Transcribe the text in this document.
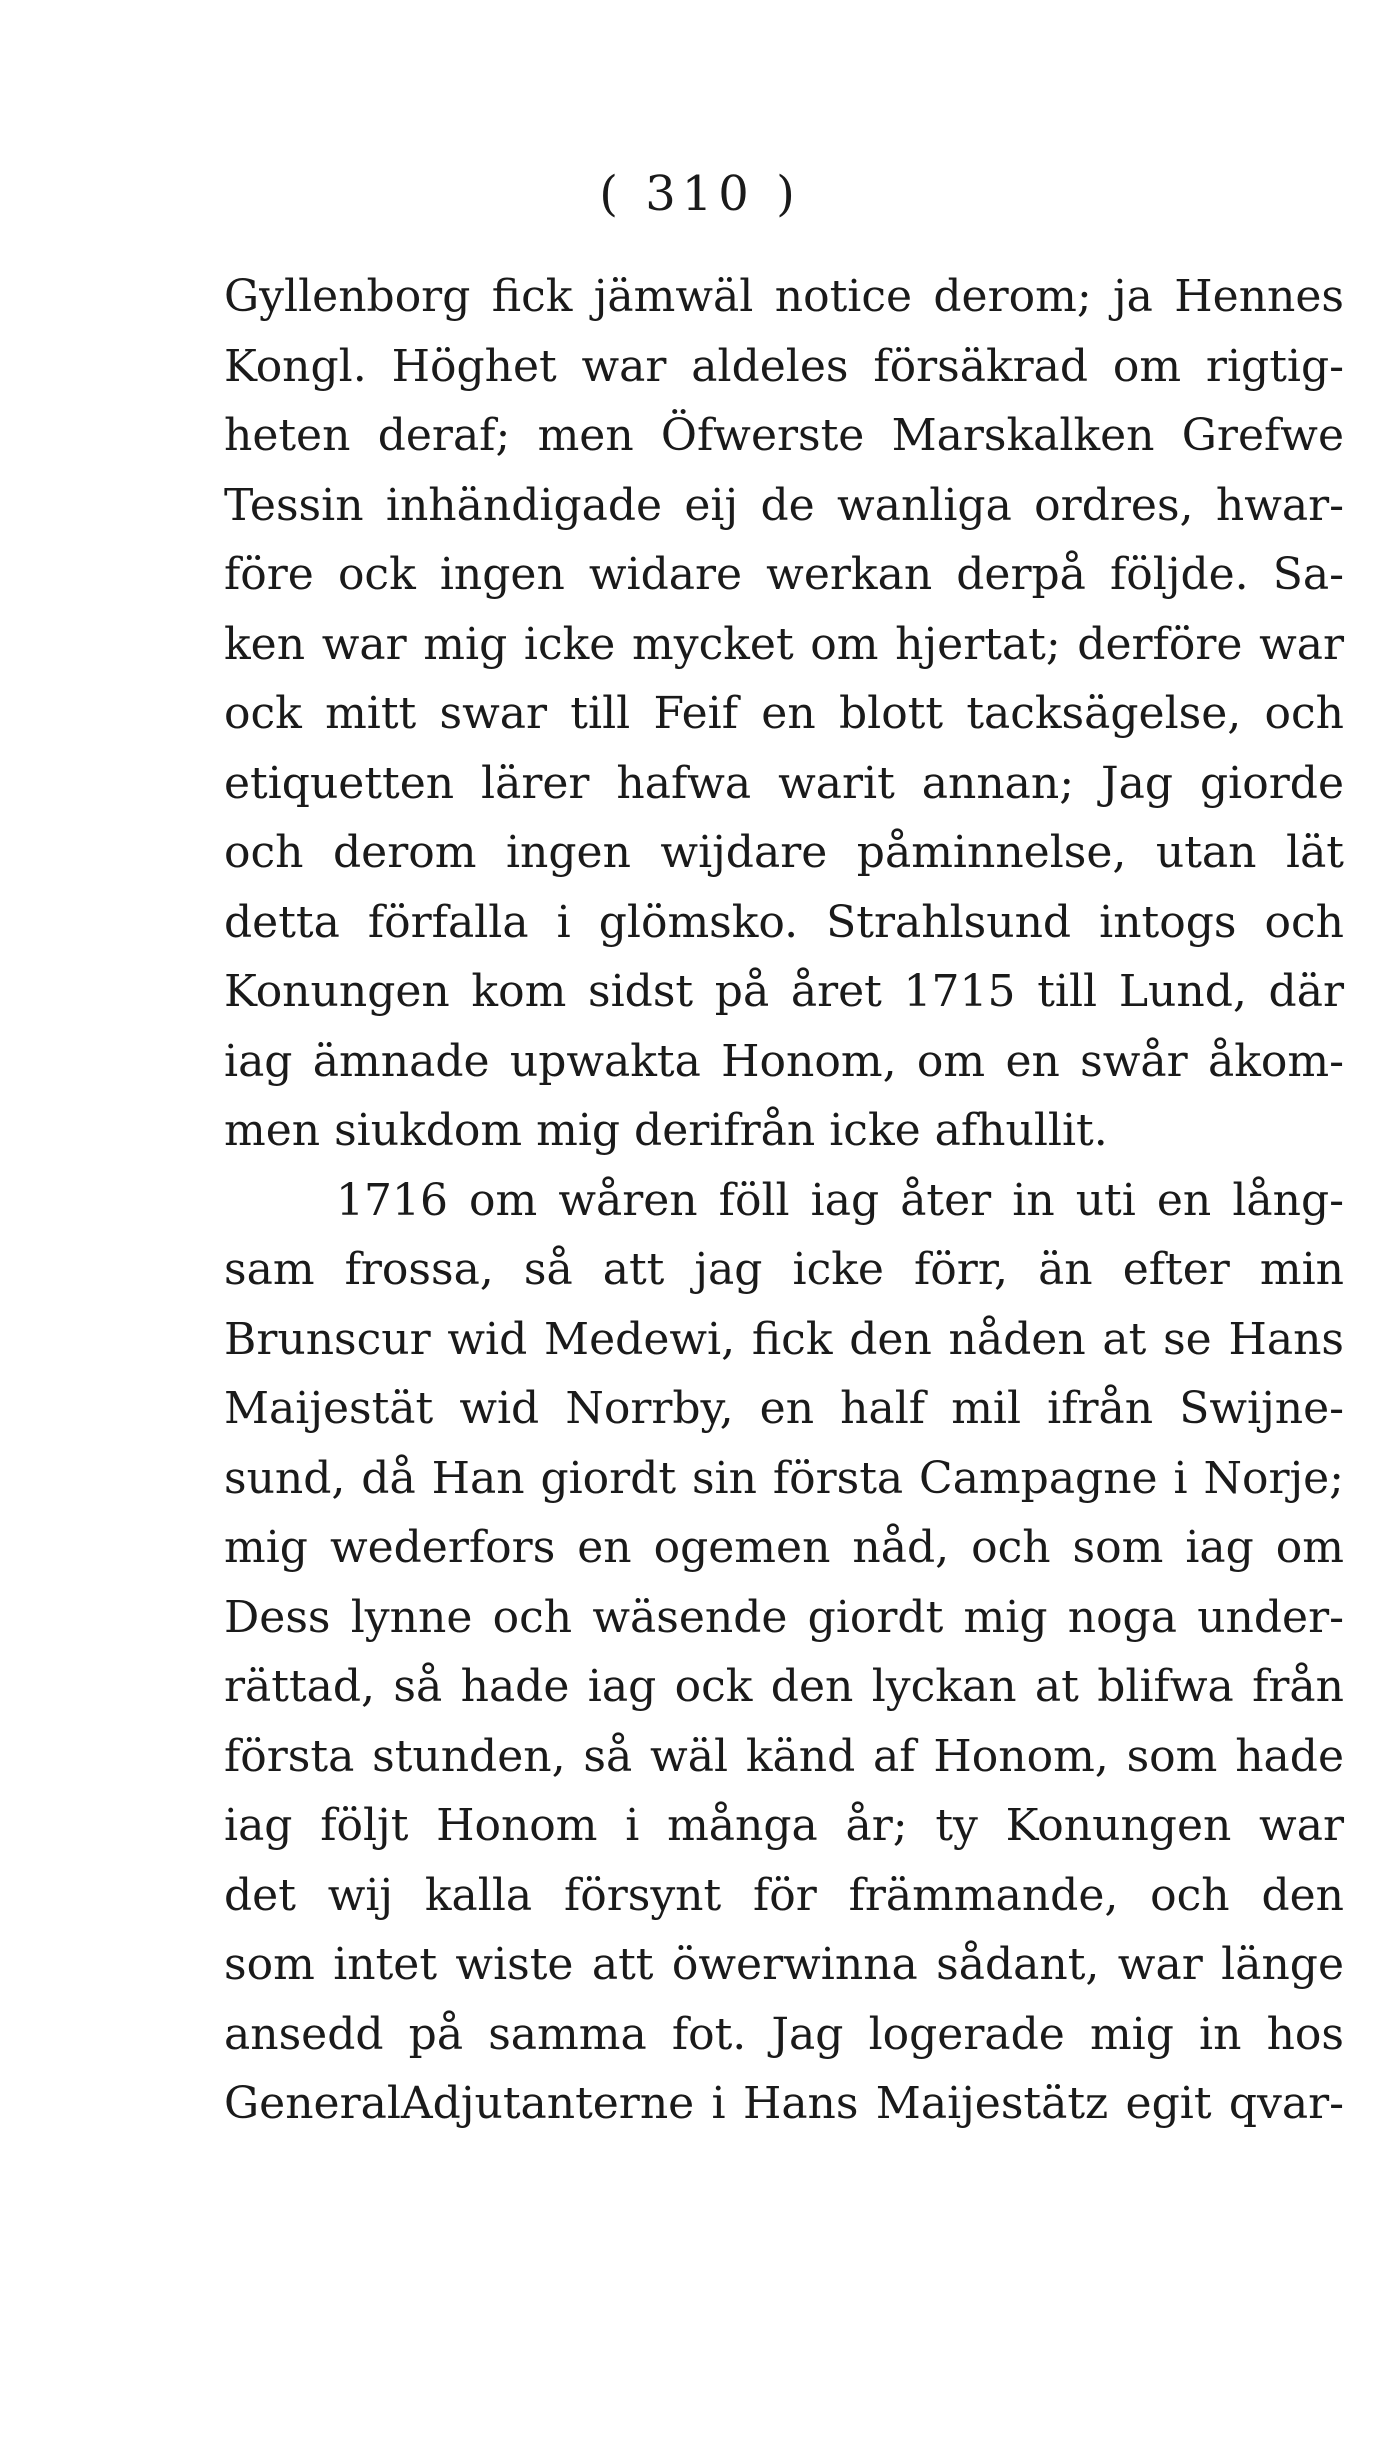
( 310 )
Gyllenborg fick jämwäl notice derom; ja Hennes
Kongl. Höghet war aldeles försäkrad om rigtig-
heten deraf; men Öfwerste Marskalken Grefwe
Tessin inhändigade eij de wanliga ordres, hwar-
före ock ingen widare werkan derpå följde. Sa-
ken war mig icke mycket om hjertat; derföre war
ock mitt swar till Feif en blott tacksägelse, och
etiquetten lärer hafwa warit annan; Jag giorde
och derom ingen wijdare påminnelse, utan lät
detta förfalla i glömsko. Strahlsund intogs och
Konungen kom sidst på året 1715 till Lund, där
iag ämnade upwakta Honom, om en swår åkom-
men siukdom mig derifrån icke afhullit.
1716 om wåren föll iag åter in uti en lång-
sam frossa, så att jag icke förr, än efter min
Brunscur wid Medewi, fick den nåden at se Hans
Maijestät wid Norrby, en half mil ifrån Swijne-
sund, då Han giordt sin första Campagne i Norje;
mig wederfors en ogemen nåd, och som iag om
Dess lynne och wäsende giordt mig noga under-
rättad, så hade iag ock den lyckan at blifwa från
första stunden, så wäl känd af Honom, som hade
iag följt Honom i många år; ty Konungen war
det wij kalla försynt för främmande, och den
som intet wiste att öwerwinna sådant, war länge
ansedd på samma fot. Jag logerade mig in hos
GeneralAdjutanterne i Hans Maijestätz egit qvar-
